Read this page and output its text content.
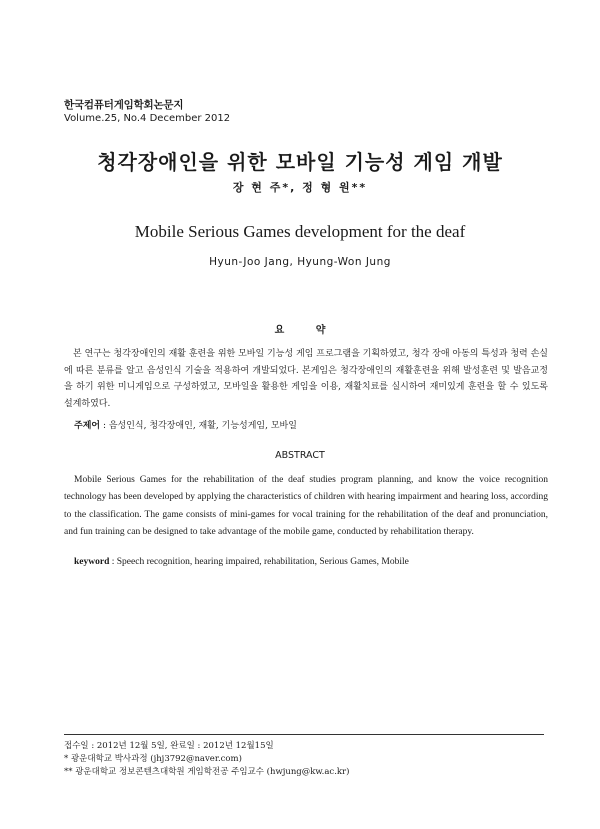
한국컴퓨터게임학회논문지
Volume.25, No.4 December 2012
청각장애인을 위한 모바일 기능성 게임 개발
장 현 주*, 정 형 원**
Mobile Serious Games development for the deaf
Hyun-Joo Jang, Hyung-Won Jung
요 약
본 연구는 청각장애인의 재활 훈련을 위한 모바일 기능성 게임 프로그램을 기획하였고, 청각 장애 아동의 특성과 청력 손실에 따른 분류를 알고 음성인식 기술을 적용하여 개발되었다. 본게임은 청각장애인의 재활훈련을 위해 발성훈련 및 발음교정을 하기 위한 미니게임으로 구성하였고, 모바일을 활용한 게임을 이용, 재활치료를 실시하여 재미있게 훈련을 할 수 있도록 설계하였다.
주제어 : 음성인식, 청각장애인, 재활, 기능성게임, 모바일
ABSTRACT
Mobile Serious Games for the rehabilitation of the deaf studies program planning, and know the voice recognition technology has been developed by applying the characteristics of children with hearing impairment and hearing loss, according to the classification. The game consists of mini-games for vocal training for the rehabilitation of the deaf and pronunciation, and fun training can be designed to take advantage of the mobile game, conducted by rehabilitation therapy.
keyword : Speech recognition, hearing impaired, rehabilitation, Serious Games, Mobile
접수일 : 2012년 12월 5일, 완료일 : 2012년 12월15일
* 광운대학교 박사과정 (jhj3792@naver.com)
** 광운대학교 정보콘텐츠대학원 게임학전공 주임교수 (hwjung@kw.ac.kr)
